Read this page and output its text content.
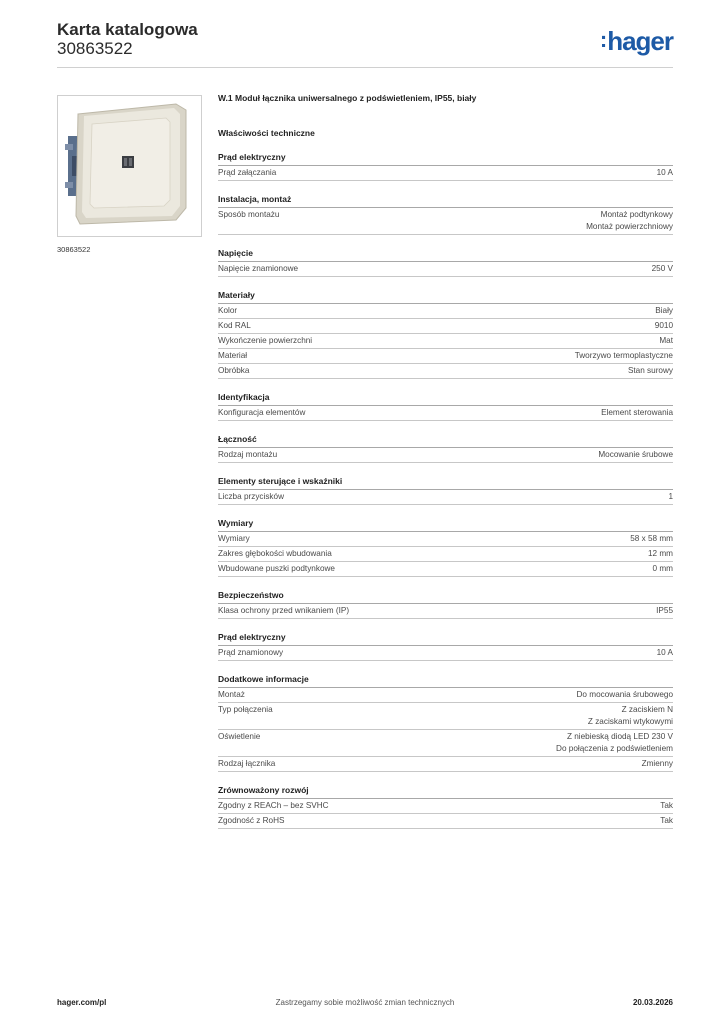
Karta katalogowa
30863522	:hager
30863522
W.1 Moduł łącznika uniwersalnego z podświetleniem, IP55, biały
Właściwości techniczne
Prąd elektryczny
Prąd załączania	10 A
Instalacja, montaż
Sposób montażu	Montaż podtynkowy
Montaż powierzchniowy
Napięcie
Napięcie znamionowe	250 V
Materiały
Kolor	Biały
Kod RAL	9010
Wykończenie powierzchni	Mat
Materiał	Tworzywo termoplastyczne
Obróbka	Stan surowy
Identyfikacja
Konfiguracja elementów	Element sterowania
Łączność
Rodzaj montażu	Mocowanie śrubowe
Elementy sterujące i wskaźniki
Liczba przycisków	1
Wymiary
Wymiary	58 x 58 mm
Zakres głębokości wbudowania	12 mm
Wbudowane puszki podtynkowe	0 mm
Bezpieczeństwo
Klasa ochrony przed wnikaniem (IP)	IP55
Prąd elektryczny
Prąd znamionowy	10 A
Dodatkowe informacje
Montaż	Do mocowania śrubowego
Typ połączenia	Z zaciskiem N
Z zaciskami wtykowymi
Oświetlenie	Z niebieską diodą LED 230 V
Do połączenia z podświetleniem
Rodzaj łącznika	Zmienny
Zrównoważony rozwój
Zgodny z REACh – bez SVHC	Tak
Zgodność z RoHS	Tak
hager.com/pl	Zastrzegamy sobie możliwość zmian technicznych	20.03.2026
